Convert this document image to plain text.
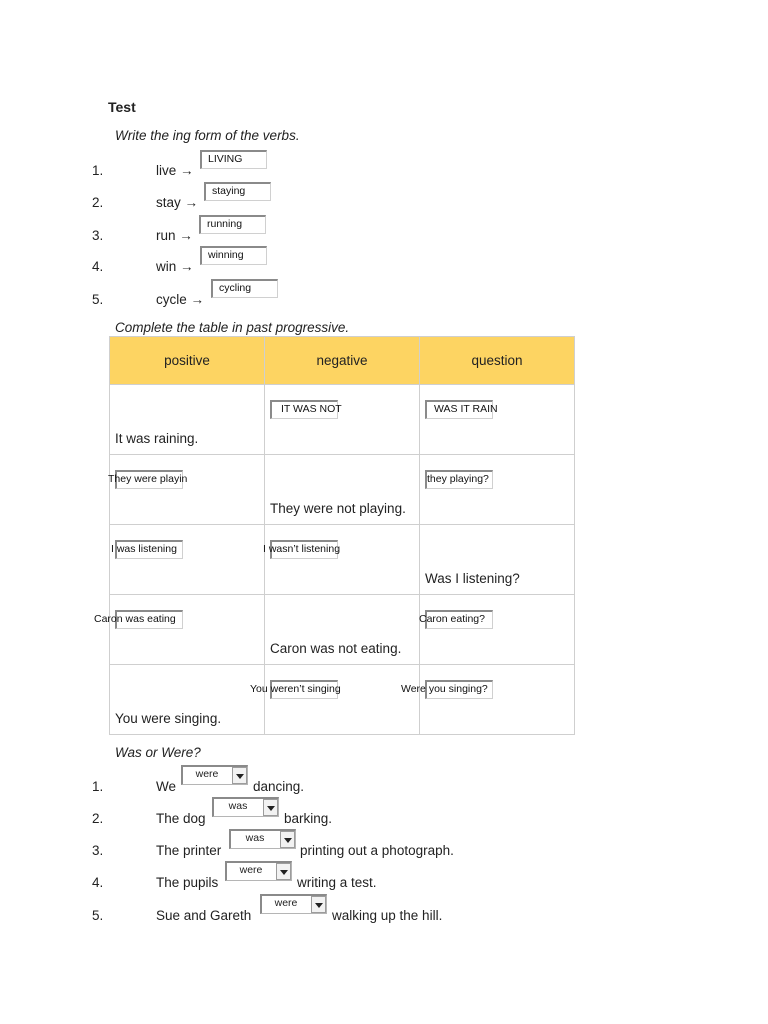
Test
Write the ing form of the verbs.
1.	live →
LIVING
2.	stay →
staying
3.	run →
running
4.	win →
winning
5.	cycle →
cycling
Complete the table in past progressive.
positive	negative	question

It was raining.	IT WAS NOT	WAS IT RAIN

They were playin	They were not playing.	they playing?

I was listening	I wasn’t listening	Was I listening?

Caron was eating	Caron was not eating.	Caron eating?

You were singing.	You weren’t singing	Were you singing?
Was or Were?
1.	We
were
dancing.
2.	The dog
was
barking.
3.	The printer
was
printing out a photograph.
4.	The pupils
were
writing a test.
5.	Sue and Gareth
were
walking up the hill.
